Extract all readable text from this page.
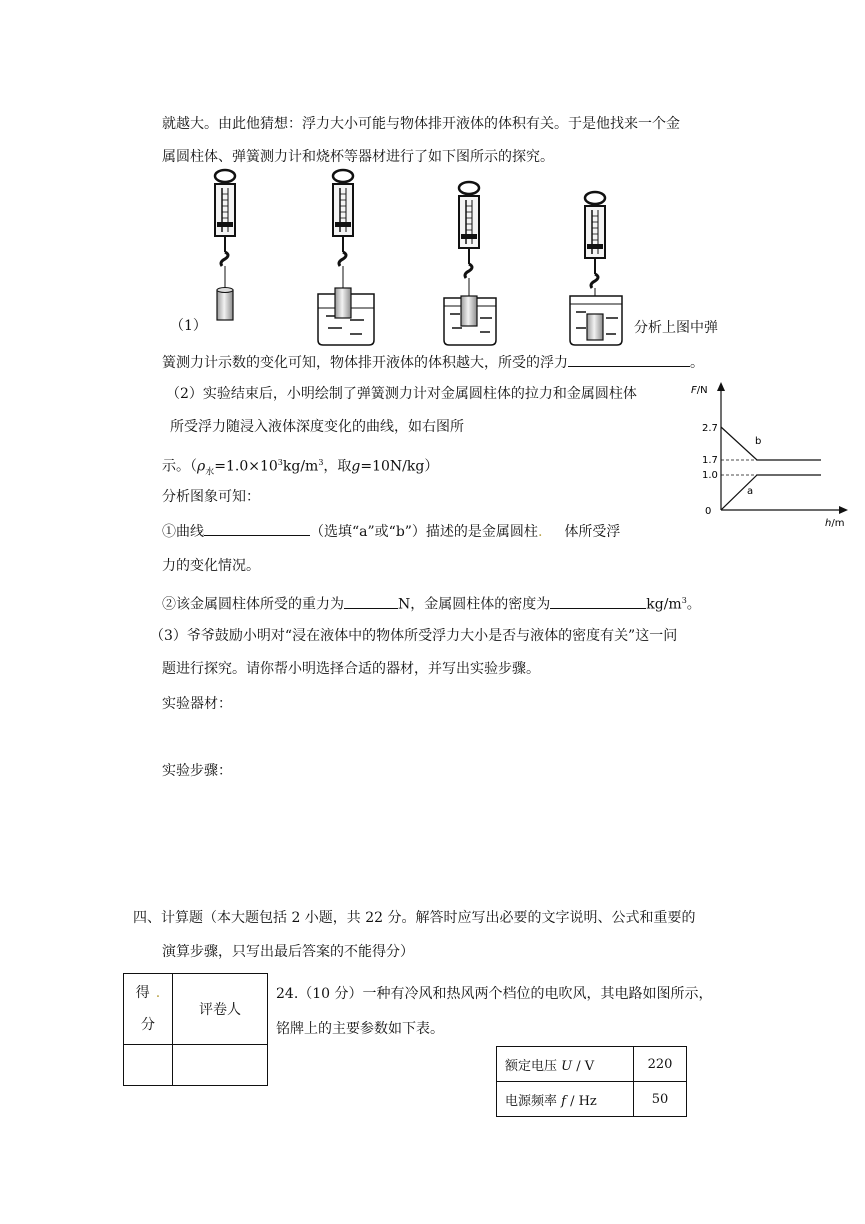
就越大。由此他猜想：浮力大小可能与物体排开液体的体积有关。于是他找来一个金
属圆柱体、弹簧测力计和烧杯等器材进行了如下图所示的探究。
（1）	分析上图中弹
簧测力计示数的变化可知，物体排开液体的体积越大，所受的浮力	。
（2）实验结束后，小明绘制了弹簧测力计对金属圆柱体的拉力和金属圆柱体
所受浮力随浸入液体深度变化的曲线，如右图所
示。（$\rho_水=1.0\times 10^3kg/m^3$，取g=10N/kg）
分析图象可知：
①曲线	（选填“a”或“b”）描述的是金属圆柱. 体所受浮
力的变化情况。
②该金属圆柱体所受的重力为	N，金属圆柱体的密度为	$kg/m^3$。
F/N
h/m
0
2.7
1.7
1.0
b
a
（3）爷爷鼓励小明对“浸在液体中的物体所受浮力大小是否与液体的密度有关”这一问
题进行探究。请你帮小明选择合适的器材，并写出实验步骤。
实验器材：
实验步骤：
四、计算题（本大题包括 2 小题，共 22 分。解答时应写出必要的文字说明、公式和重要的
演算步骤，只写出最后答案的不能得分）
得 .
分	评卷人

24.（10 分）一种有冷风和热风两个档位的电吹风，其电路如图所示，
铭牌上的主要参数如下表。
额定电压 U / V	220
电源频率 f / Hz	50
